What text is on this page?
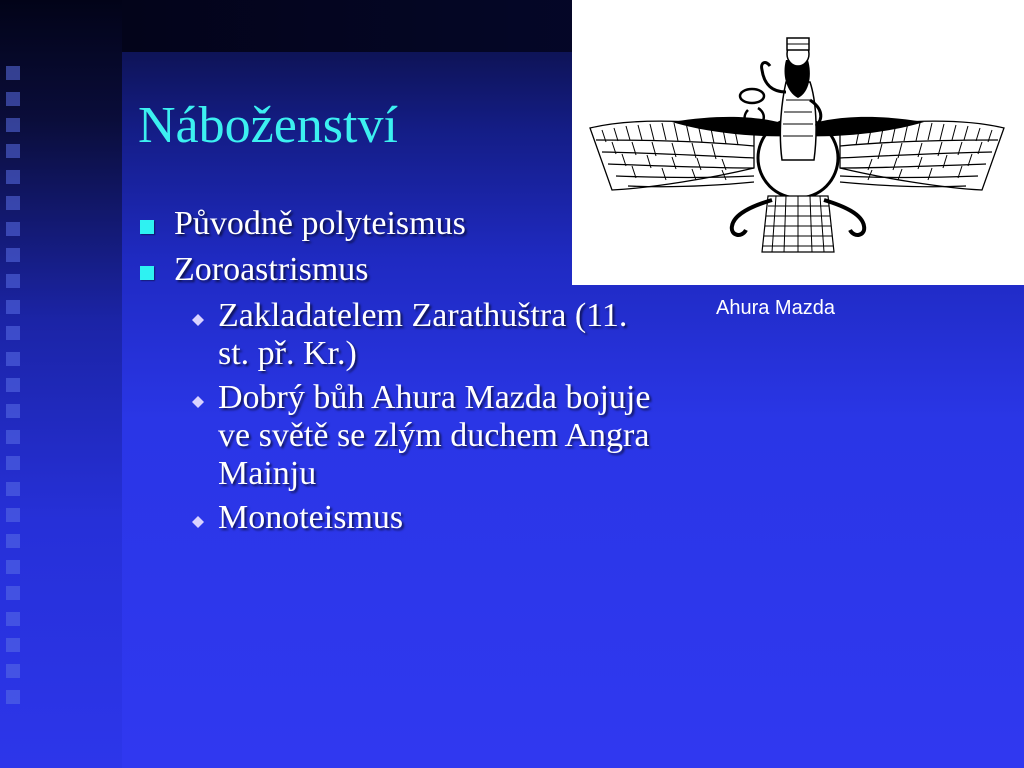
Náboženství
Původně polyteismus
Zoroastrismus
Zakladatelem Zarathuštra (11.
st. př. Kr.)
Dobrý bůh Ahura Mazda bojuje
ve světě se zlým duchem Angra
Mainju
Monoteismus
Ahura Mazda
